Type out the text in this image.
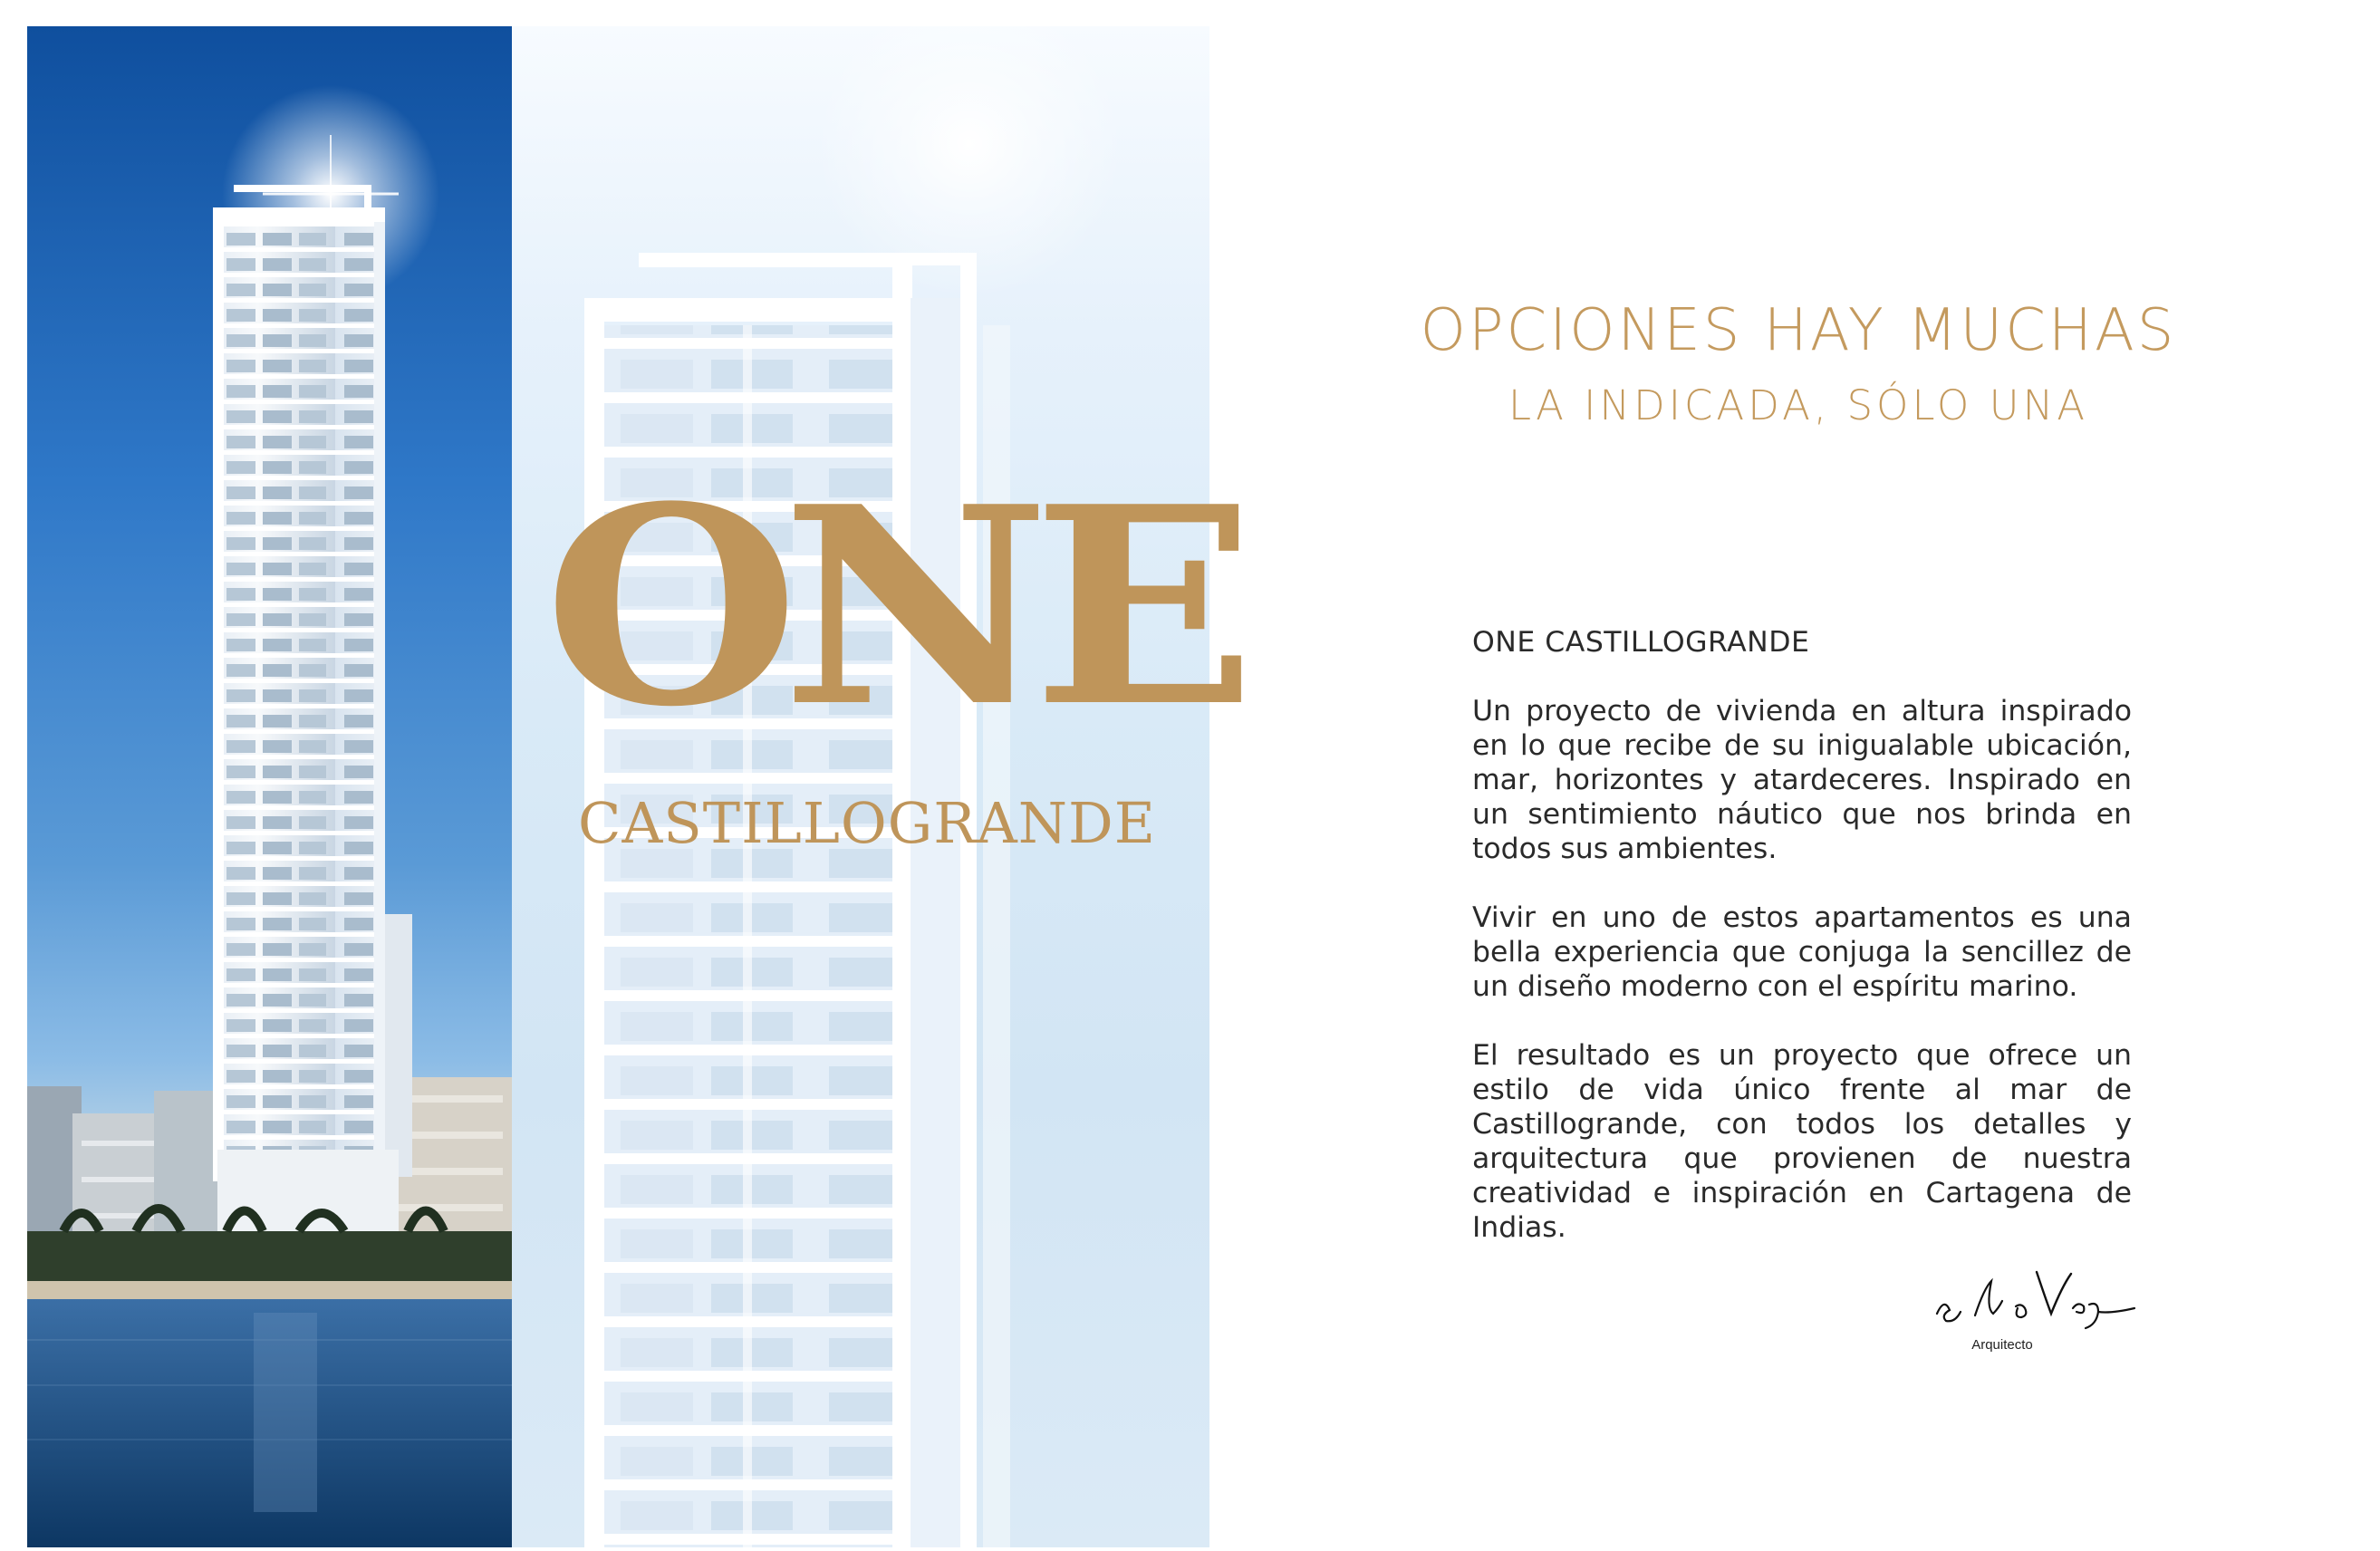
ONE
CASTILLOGRANDE
OPCIONES HAY MUCHAS
LA INDICADA, SÓLO UNA
ONE CASTILLOGRANDE

Un proyecto de vivienda en altura inspirado en lo que recibe de su inigualable ubicación, mar, horizontes y atardeceres. Inspirado en un sentimiento náutico que nos brinda en todos sus ambientes.

Vivir en uno de estos apartamentos es una bella experiencia que conjuga la sencillez de un diseño moderno con el espíritu marino.

El resultado es un proyecto que ofrece un estilo de vida único frente al mar de Castillogrande, con todos los detalles y arquitectura que provienen de nuestra creatividad e inspiración en Cartagena de Indias.

Arquitecto
